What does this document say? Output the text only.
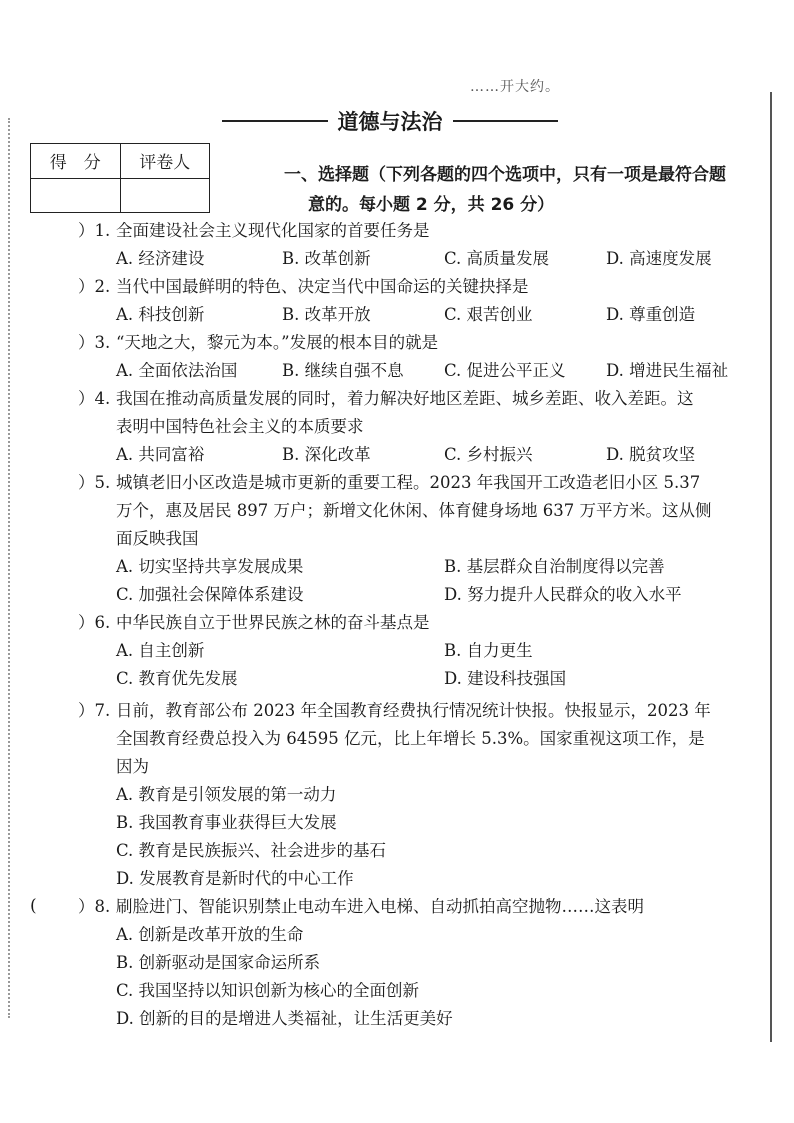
……开大约。
道德与法治
得　分	评卷人

一、选择题（下列各题的四个选项中，只有一项是最符合题
意的。每小题 2 分，共 26 分）
(
）1. 全面建设社会主义现代化国家的首要任务是
A. 经济建设	B. 改革创新	C. 高质量发展	D. 高速度发展
）2. 当代中国最鲜明的特色、决定当代中国命运的关键抉择是
A. 科技创新	B. 改革开放	C. 艰苦创业	D. 尊重创造
）3. “天地之大，黎元为本。”发展的根本目的就是
A. 全面依法治国	B. 继续自强不息 C. 促进公平正义 D. 增进民生福祉
）4. 我国在推动高质量发展的同时，着力解决好地区差距、城乡差距、收入差距。这
表明中国特色社会主义的本质要求
A. 共同富裕	B. 深化改革	C. 乡村振兴	D. 脱贫攻坚
）5. 城镇老旧小区改造是城市更新的重要工程。2023 年我国开工改造老旧小区 5.37
万个，惠及居民 897 万户；新增文化休闲、体育健身场地 637 万平方米。这从侧
面反映我国
A. 切实坚持共享发展成果	B. 基层群众自治制度得以完善
C. 加强社会保障体系建设	D. 努力提升人民群众的收入水平
）6. 中华民族自立于世界民族之林的奋斗基点是
A. 自主创新	B. 自力更生
C. 教育优先发展	D. 建设科技强国
）7. 日前，教育部公布 2023 年全国教育经费执行情况统计快报。快报显示，2023 年
全国教育经费总投入为 64595 亿元，比上年增长 5.3%。国家重视这项工作，是
因为
A. 教育是引领发展的第一动力
B. 我国教育事业获得巨大发展
C. 教育是民族振兴、社会进步的基石
D. 发展教育是新时代的中心工作
）8. 刷脸进门、智能识别禁止电动车进入电梯、自动抓拍高空抛物……这表明
A. 创新是改革开放的生命
B. 创新驱动是国家命运所系
C. 我国坚持以知识创新为核心的全面创新
D. 创新的目的是增进人类福祉，让生活更美好
